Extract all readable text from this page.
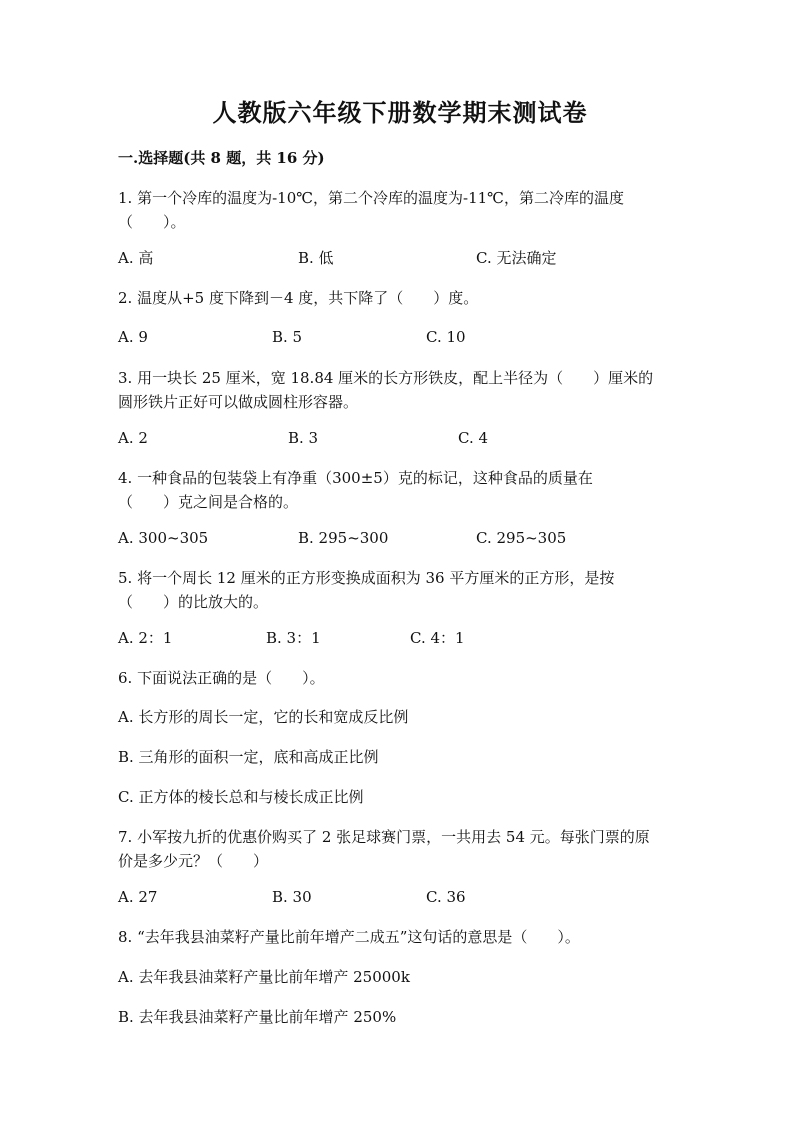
人教版六年级下册数学期末测试卷
一.选择题(共 8 题，共 16 分)
1. 第一个冷库的温度为-10℃，第二个冷库的温度为-11℃，第二冷库的温度
（　　）。
A. 高	B. 低	C. 无法确定
2. 温度从+5 度下降到－4 度，共下降了（　　）度。
A. 9	B. 5	C. 10
3. 用一块长 25 厘米，宽 18.84 厘米的长方形铁皮，配上半径为（　　）厘米的
圆形铁片正好可以做成圆柱形容器。
A. 2	B. 3	C. 4
4. 一种食品的包装袋上有净重（300±5）克的标记，这种食品的质量在
（　　）克之间是合格的。
A. 300~305	B. 295~300	C. 295~305
5. 将一个周长 12 厘米的正方形变换成面积为 36 平方厘米的正方形，是按
（　　）的比放大的。
A. 2：1	B. 3：1	C. 4：1
6. 下面说法正确的是（　　）。
A. 长方形的周长一定，它的长和宽成反比例
B. 三角形的面积一定，底和高成正比例
C. 正方体的棱长总和与棱长成正比例
7. 小军按九折的优惠价购买了 2 张足球赛门票，一共用去 54 元。每张门票的原
价是多少元？（　　）
A. 27	B. 30	C. 36
8. “去年我县油菜籽产量比前年增产二成五”这句话的意思是（　　）。
A. 去年我县油菜籽产量比前年增产 25000k
B. 去年我县油菜籽产量比前年增产 250%
